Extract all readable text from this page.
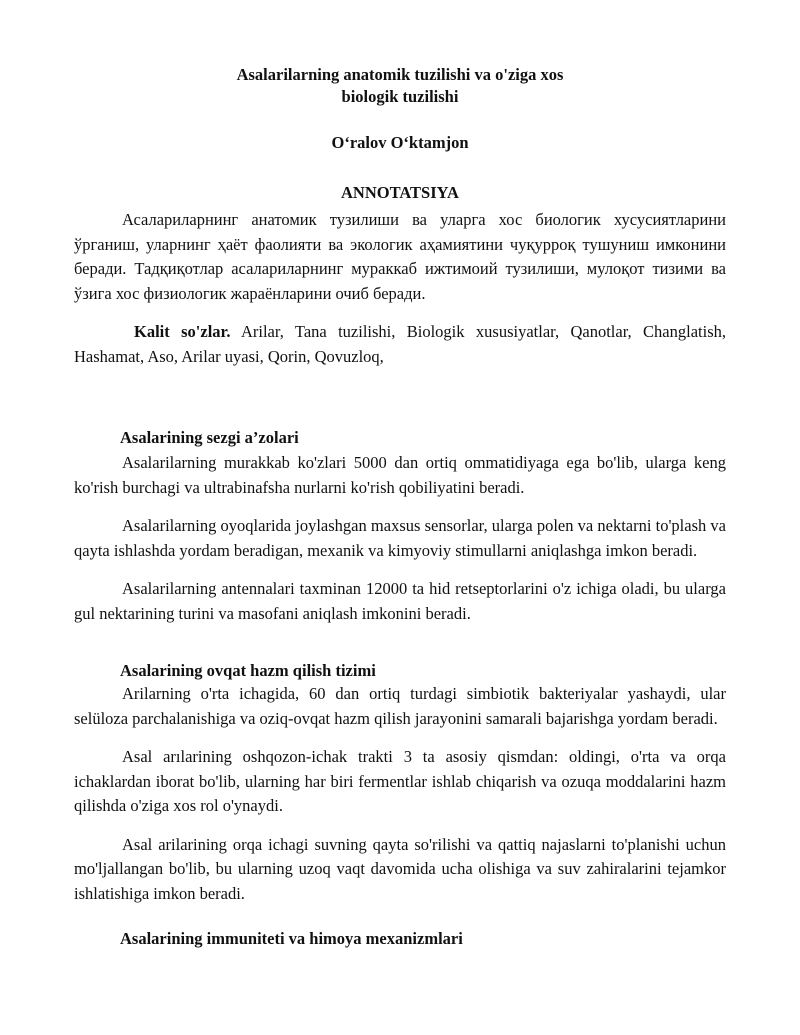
Asalarilarning anatomik tuzilishi va o'ziga xos
biologik tuzilishi
O‘ralov O‘ktamjon
ANNOTATSIYA

Асаларилaрнинг анатомик тузилиши ва уларга хос биологик хусусиятларини ўрганиш, уларнинг ҳаёт фаолияти ва экологик аҳамиятини чуқурроқ тушуниш имконини беради. Тадқиқотлар асаларилaрнинг мураккаб ижтимоий тузилиши, мулоқот тизими ва ўзига хос физиологик жараёнларини очиб беради.

Kalit so'zlar. Arilar, Tana tuzilishi, Biologik xususiyatlar, Qanotlar, Changlatish, Hashamat, Aso, Arilar uyasi, Qorin, Qovuzloq,

Asalarining sezgi a’zolari

Asalarilarning murakkab ko'zlari 5000 dan ortiq ommatidiyaga ega bo'lib, ularga keng ko'rish burchagi va ultrabinafsha nurlarni ko'rish qobiliyatini beradi.

Asalarilarning oyoqlarida joylashgan maxsus sensorlar, ularga polen va nektarni to'plash va qayta ishlashda yordam beradigan, mexanik va kimyoviy stimullarni aniqlashga imkon beradi.

Asalarilarning antennalari taxminan 12000 ta hid retseptorlarini o'z ichiga oladi, bu ularga gul nektarining turini va masofani aniqlash imkonini beradi.

Asalarining ovqat hazm qilish tizimi

Arilarning o'rta ichagida, 60 dan ortiq turdagi simbiotik bakteriyalar yashaydi, ular selüloza parchalanishiga va oziq-ovqat hazm qilish jarayonini samarali bajarishga yordam beradi.

Asal arılarining oshqozon-ichak trakti 3 ta asosiy qismdan: oldingi, o'rta va orqa ichaklardan iborat bo'lib, ularning har biri fermentlar ishlab chiqarish va ozuqa moddalarini hazm qilishda o'ziga xos rol o'ynaydi.

Asal arilarining orqa ichagi suvning qayta so'rilishi va qattiq najaslarni to'planishi uchun mo'ljallangan bo'lib, bu ularning uzoq vaqt davomida ucha olishiga va suv zahiralarini tejamkor ishlatishiga imkon beradi.

Asalarining immuniteti va himoya mexanizmlari
